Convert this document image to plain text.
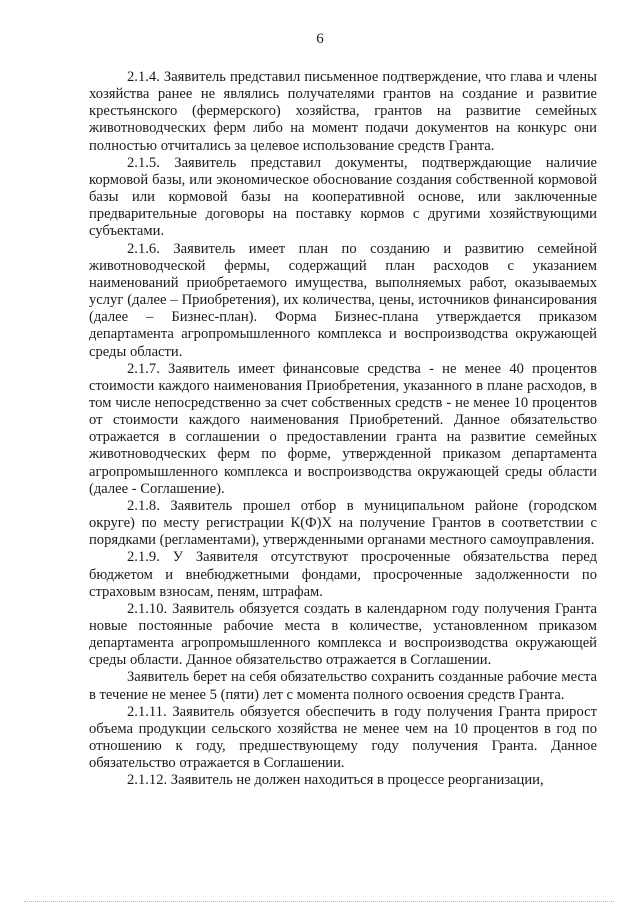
6

2.1.4. Заявитель представил письменное подтверждение, что глава и члены хозяйства ранее не являлись получателями грантов на создание и развитие крестьянского (фермерского) хозяйства, грантов на развитие семейных животноводческих ферм либо на момент подачи документов на конкурс они полностью отчитались за целевое использование средств Гранта.

2.1.5. Заявитель представил документы, подтверждающие наличие кормовой базы, или экономическое обоснование создания собственной кормовой базы или кормовой базы на кооперативной основе, или заключенные предварительные договоры на поставку кормов с другими хозяйствующими субъектами.

2.1.6. Заявитель имеет план по созданию и развитию семейной животноводческой фермы, содержащий план расходов с указанием наименований приобретаемого имущества, выполняемых работ, оказываемых услуг (далее – Приобретения), их количества, цены, источников финансирования (далее – Бизнес-план). Форма Бизнес-плана утверждается приказом департамента агропромышленного комплекса и воспроизводства окружающей среды области.

2.1.7. Заявитель имеет финансовые средства - не менее 40 процентов стоимости каждого наименования Приобретения, указанного в плане расходов, в том числе непосредственно за счет собственных средств - не менее 10 процентов от стоимости каждого наименования Приобретений. Данное обязательство отражается в соглашении о предоставлении гранта на развитие семейных животноводческих ферм по форме, утвержденной приказом департамента агропромышленного комплекса и воспроизводства окружающей среды области (далее - Соглашение).

2.1.8. Заявитель прошел отбор в муниципальном районе (городском округе) по месту регистрации К(Ф)Х на получение Грантов в соответствии с порядками (регламентами), утвержденными органами местного самоуправления.

2.1.9. У Заявителя отсутствуют просроченные обязательства перед бюджетом и внебюджетными фондами, просроченные задолженности по страховым взносам, пеням, штрафам.

2.1.10. Заявитель обязуется создать в календарном году получения Гранта новые постоянные рабочие места в количестве, установленном приказом департамента агропромышленного комплекса и воспроизводства окружающей среды области. Данное обязательство отражается в Соглашении.

Заявитель берет на себя обязательство сохранить созданные рабочие места в течение не менее 5 (пяти) лет с момента полного освоения средств Гранта.

2.1.11. Заявитель обязуется обеспечить в году получения Гранта прирост объема продукции сельского хозяйства не менее чем на 10 процентов в год по отношению к году, предшествующему году получения Гранта. Данное обязательство отражается в Соглашении.

2.1.12. Заявитель не должен находиться в процессе реорганизации,
